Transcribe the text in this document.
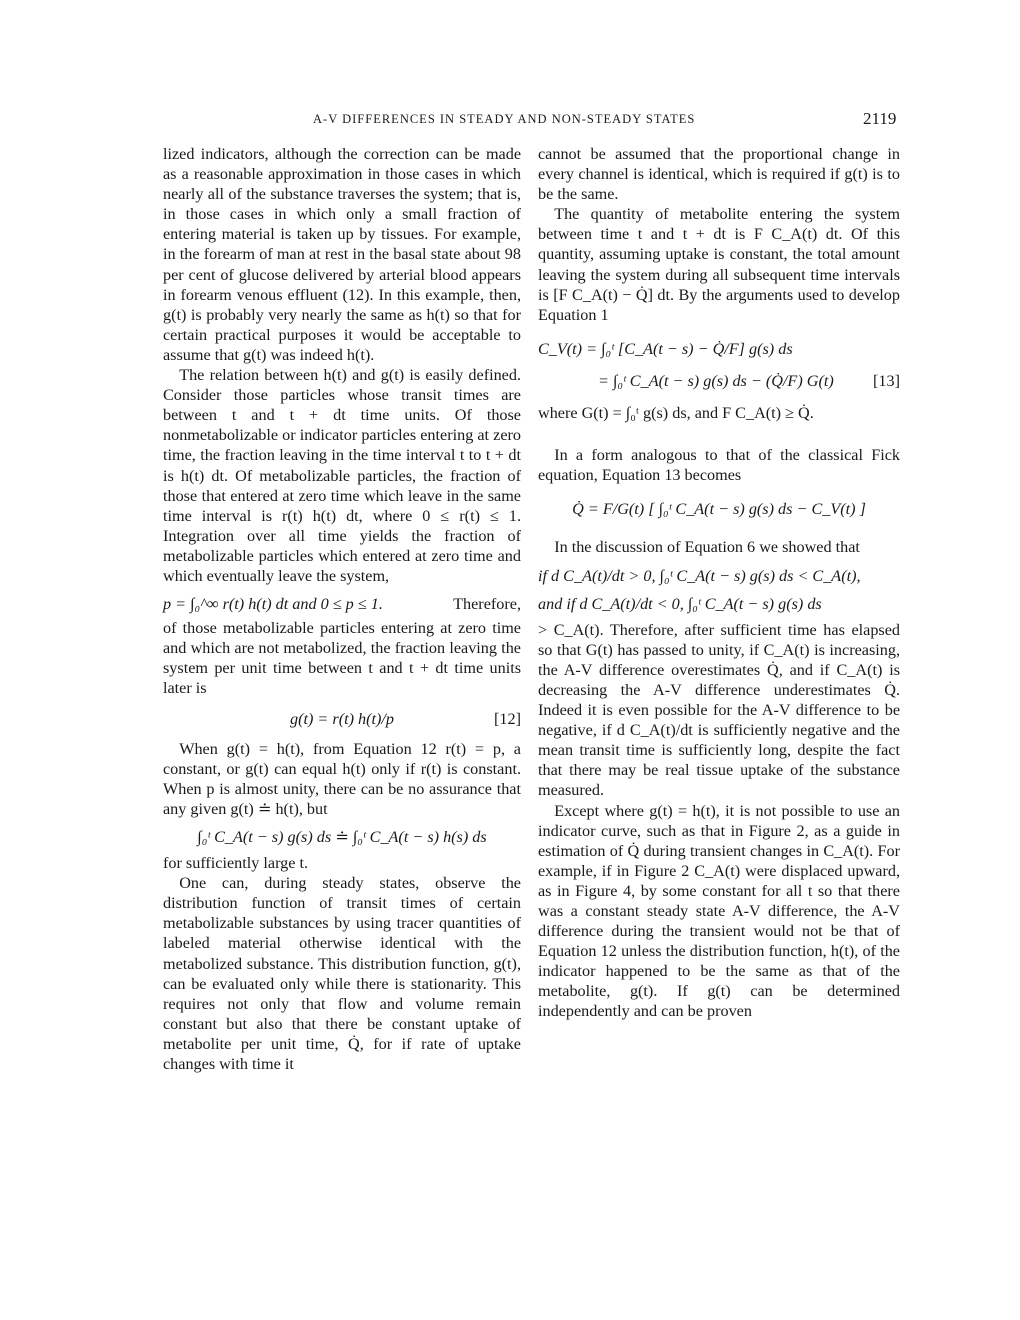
A-V DIFFERENCES IN STEADY AND NON-STEADY STATES	2119

lized indicators, although the correction can be made as a reasonable approximation in those cases in which nearly all of the substance traverses the system; that is, in those cases in which only a small fraction of entering material is taken up by tissues. For example, in the forearm of man at rest in the basal state about 98 per cent of glucose delivered by arterial blood appears in forearm venous effluent (12). In this example, then, g(t) is probably very nearly the same as h(t) so that for certain practical purposes it would be acceptable to assume that g(t) was indeed h(t).

The relation between h(t) and g(t) is easily defined. Consider those particles whose transit times are between t and t + dt time units. Of those nonmetabolizable or indicator particles entering at zero time, the fraction leaving in the time interval t to t + dt is h(t) dt. Of metabolizable particles, the fraction of those that entered at zero time which leave in the same time interval is r(t) h(t) dt, where 0 ≤ r(t) ≤ 1. Integration over all time yields the fraction of metabolizable particles which entered at zero time and which eventually leave the system,

p = ∫₀^∞ r(t) h(t) dt and 0 ≤ p ≤ 1.	Therefore,

of those metabolizable particles entering at zero time and which are not metabolized, the fraction leaving the system per unit time between t and t + dt time units later is

g(t) = r(t) h(t)/p	[12]

When g(t) = h(t), from Equation 12 r(t) = p, a constant, or g(t) can equal h(t) only if r(t) is constant. When p is almost unity, there can be no assurance that any given g(t) ≐ h(t), but

∫₀ᵗ C_A(t − s) g(s) ds ≐ ∫₀ᵗ C_A(t − s) h(s) ds

for sufficiently large t.

One can, during steady states, observe the distribution function of transit times of certain metabolizable substances by using tracer quantities of labeled material otherwise identical with the metabolized substance. This distribution function, g(t), can be evaluated only while there is stationarity. This requires not only that flow and volume remain constant but also that there be constant uptake of metabolite per unit time, Q̇, for if rate of uptake changes with time it

cannot be assumed that the proportional change in every channel is identical, which is required if g(t) is to be the same.

The quantity of metabolite entering the system between time t and t + dt is F C_A(t) dt. Of this quantity, assuming uptake is constant, the total amount leaving the system during all subsequent time intervals is [F C_A(t) − Q̇] dt. By the arguments used to develop Equation 1

C_V(t) = ∫₀ᵗ [C_A(t − s) − Q̇/F] g(s) ds
= ∫₀ᵗ C_A(t − s) g(s) ds − (Q̇/F) G(t) [13]
where G(t) = ∫₀ᵗ g(s) ds, and F C_A(t) ≥ Q̇.

In a form analogous to that of the classical Fick equation, Equation 13 becomes

Q̇ = F/G(t) [ ∫₀ᵗ C_A(t − s) g(s) ds − C_V(t) ]

In the discussion of Equation 6 we showed that

if d C_A(t)/dt > 0, ∫₀ᵗ C_A(t − s) g(s) ds < C_A(t),
and if d C_A(t)/dt < 0, ∫₀ᵗ C_A(t − s) g(s) ds

> C_A(t). Therefore, after sufficient time has elapsed so that G(t) has passed to unity, if C_A(t) is increasing, the A-V difference overestimates Q̇, and if C_A(t) is decreasing the A-V difference underestimates Q̇. Indeed it is even possible for the A-V difference to be negative, if d C_A(t)/dt is sufficiently negative and the mean transit time is sufficiently long, despite the fact that there may be real tissue uptake of the substance measured.

Except where g(t) = h(t), it is not possible to use an indicator curve, such as that in Figure 2, as a guide in estimation of Q̇ during transient changes in C_A(t). For example, if in Figure 2 C_A(t) were displaced upward, as in Figure 4, by some constant for all t so that there was a constant steady state A-V difference, the A-V difference during the transient would not be that of Equation 12 unless the distribution function, h(t), of the indicator happened to be the same as that of the metabolite, g(t). If g(t) can be determined independently and can be proven
